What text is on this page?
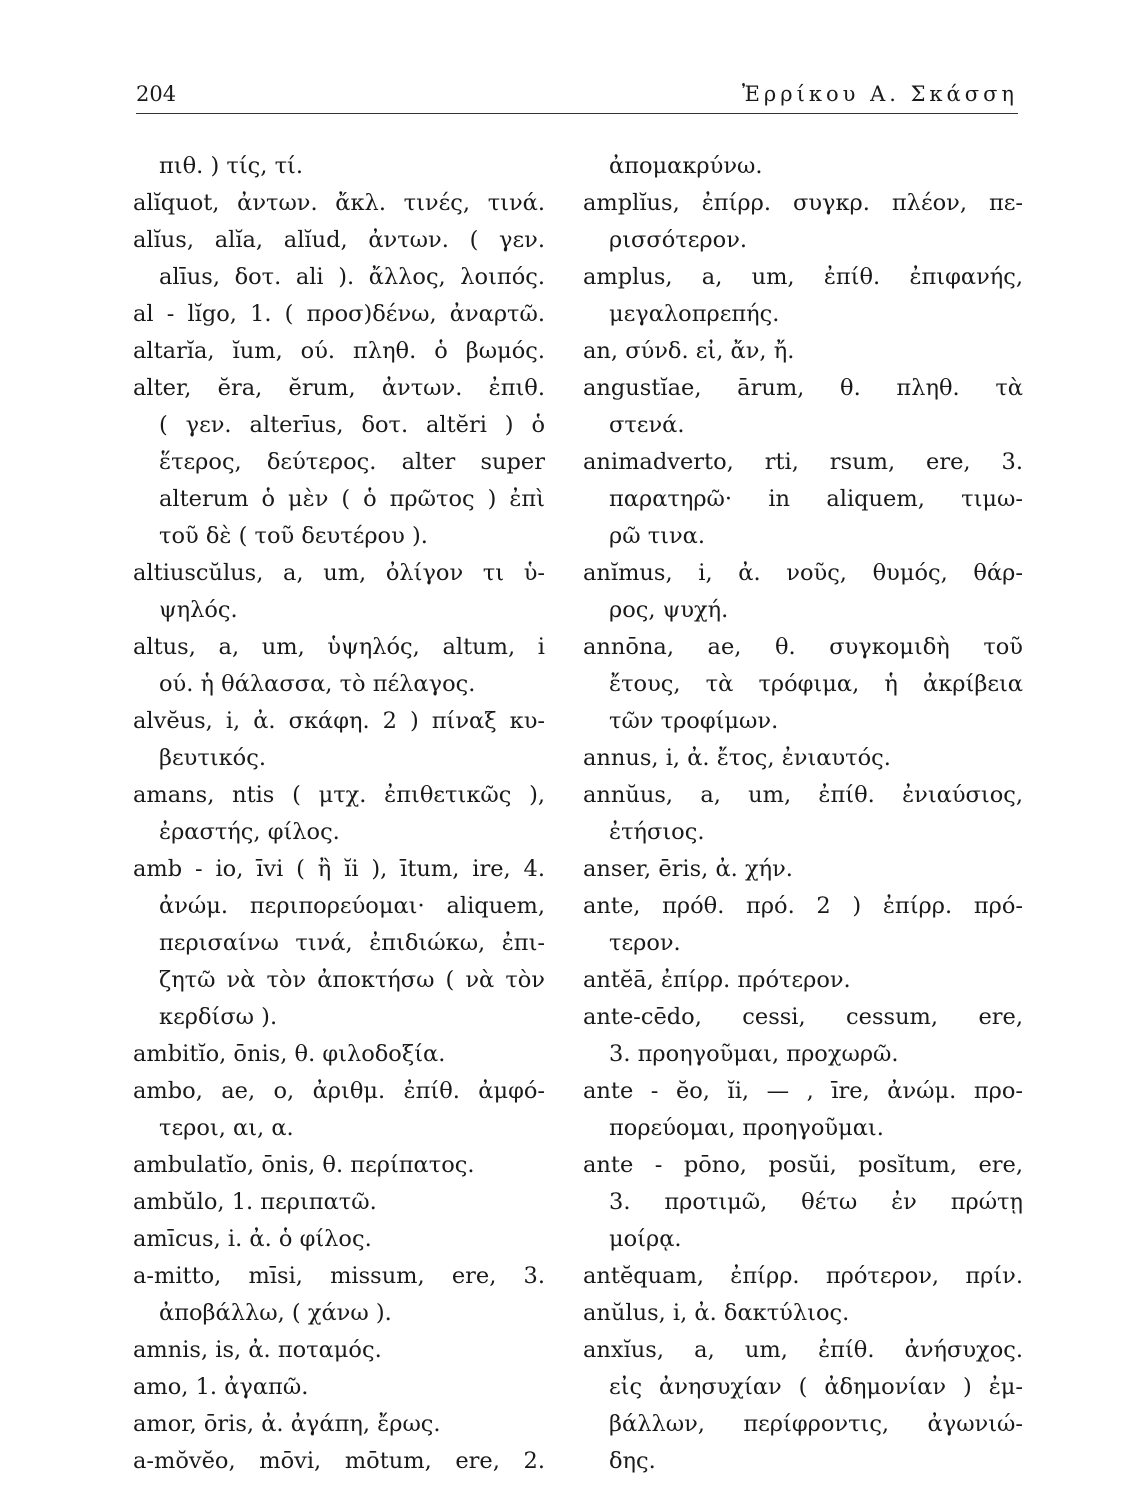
204	Ἐρρίκου Α. Σκάσση
πιθ. ) τίς, τί.
alĭquot, ἀντων. ἄκλ. τινές, τινά.
alĭus, alĭa, alĭud, ἀντων. ( γεν.
alīus, δοτ. ali ). ἄλλος, λοιπός.
al - lĭgo, 1. ( προσ)δένω, ἀναρτῶ.
altarĭa, ĭum, ού. πληθ. ὁ βωμός.
alter, ĕra, ĕrum, ἀντων. ἐπιθ.
( γεν. alterīus, δοτ. altĕri ) ὁ
ἕτερος, δεύτερος. alter super
alterum ὁ μὲν ( ὁ πρῶτος ) ἐπὶ
τοῦ δὲ ( τοῦ δευτέρου ).
altiuscŭlus, a, um, ὀλίγον τι ὑ-
ψηλός.
altus, a, um, ὑψηλός, altum, i
ού. ἡ θάλασσα, τὸ πέλαγος.
alvĕus, i, ἀ. σκάφη. 2 ) πίναξ κυ-
βευτικός.
amans, ntis ( μτχ. ἐπιθετικῶς ),
ἐραστής, φίλος.
amb - io, īvi ( ἢ ĭi ), ītum, ire, 4.
ἀνώμ. περιπορεύομαι· aliquem,
περισαίνω τινά, ἐπιδιώκω, ἐπι-
ζητῶ νὰ τὸν ἀποκτήσω ( νὰ τὸν
κερδίσω ).
ambitĭo, ōnis, θ. φιλοδοξία.
ambo, ae, o, ἀριθμ. ἐπίθ. ἀμφό-
τεροι, αι, α.
ambulatĭo, ōnis, θ. περίπατος.
ambŭlo, 1. περιπατῶ.
amīcus, i. ἀ. ὁ φίλος.
a-mitto, mīsi, missum, ere, 3.
ἀποβάλλω, ( χάνω ).
amnis, is, ἀ. ποταμός.
amo, 1. ἀγαπῶ.
amor, ōris, ἀ. ἀγάπη, ἔρως.
a-mŏvĕo, mōvi, mōtum, ere, 2.
ἀπομακρύνω.
amplĭus, ἐπίρρ. συγκρ. πλέον, πε-
ρισσότερον.
amplus, a, um, ἐπίθ. ἐπιφανής,
μεγαλοπρεπής.
an, σύνδ. εἰ, ἄν, ἤ.
angustĭae, ārum, θ. πληθ. τὰ
στενά.
animadverto, rti, rsum, ere, 3.
παρατηρῶ· in aliquem, τιμω-
ρῶ τινα.
anĭmus, i, ἀ. νοῦς, θυμός, θάρ-
ρος, ψυχή.
annōna, ae, θ. συγκομιδὴ τοῦ
ἔτους, τὰ τρόφιμα, ἡ ἀκρίβεια
τῶν τροφίμων.
annus, i, ἀ. ἔτος, ἐνιαυτός.
annŭus, a, um, ἐπίθ. ἐνιαύσιος,
ἐτήσιος.
anser, ēris, ἀ. χήν.
ante, πρόθ. πρό. 2 ) ἐπίρρ. πρό-
τερον.
antĕā, ἐπίρρ. πρότερον.
ante-cēdo, cessi, cessum, ere,
3. προηγοῦμαι, προχωρῶ.
ante - ĕo, ĭi, — , īre, ἀνώμ. προ-
πορεύομαι, προηγοῦμαι.
ante - pōno, posŭi, posĭtum, ere,
3. προτιμῶ, θέτω ἐν πρώτῃ
μοίρᾳ.
antĕquam, ἐπίρρ. πρότερον, πρίν.
anŭlus, i, ἀ. δακτύλιος.
anxĭus, a, um, ἐπίθ. ἀνήσυχος.
εἰς ἀνησυχίαν ( ἀδημονίαν ) ἐμ-
βάλλων, περίφροντις, ἀγωνιώ-
δης.
